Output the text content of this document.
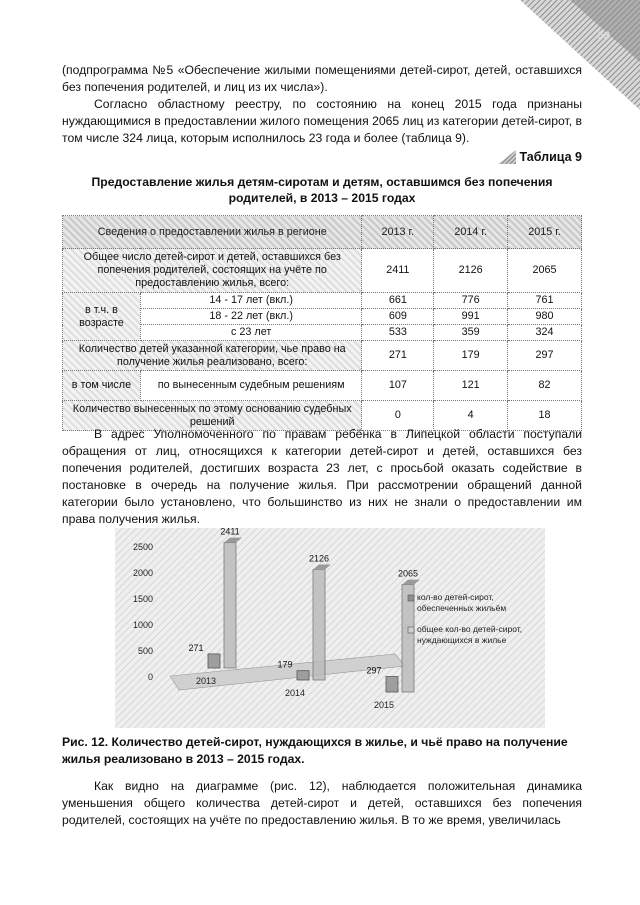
53

(подпрограмма №5 «Обеспечение жилыми помещениями детей-сирот, детей, оставшихся без попечения родителей, и лиц из их числа»).

Согласно областному реестру, по состоянию на конец 2015 года признаны нуждающимися в предоставлении жилого помещения 2065 лиц из категории детей-сирот, в том числе 324 лица, которым исполнилось 23 года и более (таблица 9).

Таблица 9
Предоставление жилья детям-сиротам и детям, оставшимся без попечения родителей, в 2013 – 2015 годах
Сведения о предоставлении жилья в регионе		2013 г.	2014 г.	2015 г.
Общее число детей-сирот и детей, оставшихся без попечения родителей, состоящих на учёте по предоставлению жилья, всего:		2411	2126	2065
в т.ч. в возрасте	14 - 17 лет (вкл.)	661	776	761
	18 - 22 лет (вкл.)	609	991	980
	с 23 лет	533	359	324
Количество детей указанной категории, чье право на получение жилья реализовано, всего:		271	179	297
в том числе	по вынесенным судебным решениям	107	121	82
Количество вынесенных по этому основанию судебных решений		0	4	18

В адрес Уполномоченного по правам ребёнка в Липецкой области поступали обращения от лиц, относящихся к категории детей-сирот и детей, оставшихся без попечения родителей, достигших возраста 23 лет, с просьбой оказать содействие в постановке в очередь на получение жилья. При рассмотрении обращений данной категории было установлено, что большинство из них не знали о предоставлении им права получения жилья.

0
500
1000
1500
2000
2500
2411
271
2013
2126
179
2014
2065
297
2015
кол-во детей-сирот,
обеспеченных жильём
общее кол-во детей-сирот,
нуждающихся в жилье
Рис. 12. Количество детей-сирот, нуждающихся в жилье, и чьё право на получение жилья реализовано в 2013 – 2015 годах.

Как видно на диаграмме (рис. 12), наблюдается положительная динамика уменьшения общего количества детей-сирот и детей, оставшихся без попечения родителей, состоящих на учёте по предоставлению жилья. В то же время, увеличилась
